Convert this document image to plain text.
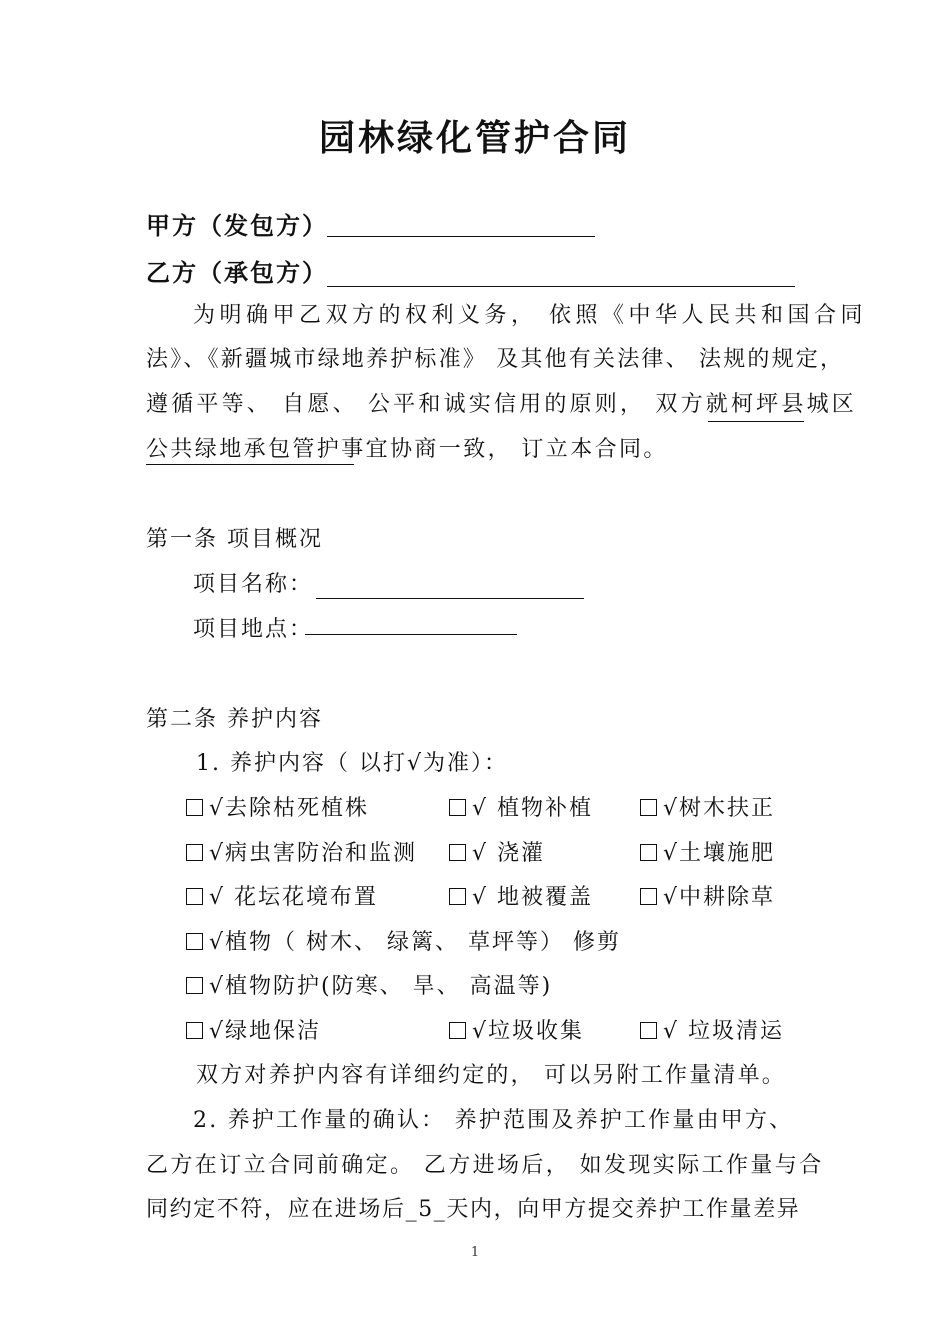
园林绿化管护合同
甲方（发包方）
乙方（承包方）
为明确甲乙双方的权利义务， 依照《中华人民共和国合同
法》、《新疆城市绿地养护标准》 及其他有关法律、 法规的规定，
遵循平等、 自愿、 公平和诚实信用的原则， 双方就柯坪县城区
公共绿地承包管护事宜协商一致， 订立本合同。
第一条 项目概况
项目名称：
项目地点：
第二条 养护内容
1. 养护内容（ 以打√为准）：
√去除枯死植株	√ 植物补植	√树木扶正
√病虫害防治和监测	√ 浇灌	√土壤施肥
√ 花坛花境布置	√ 地被覆盖	√中耕除草
√植物（ 树木、 绿篱、 草坪等） 修剪
√植物防护(防寒、 旱、 高温等)
√绿地保洁	√垃圾收集	√ 垃圾清运
双方对养护内容有详细约定的， 可以另附工作量清单。
2. 养护工作量的确认： 养护范围及养护工作量由甲方、
乙方在订立合同前确定。 乙方进场后， 如发现实际工作量与合
同约定不符，应在进场后_5_天内，向甲方提交养护工作量差异
1
